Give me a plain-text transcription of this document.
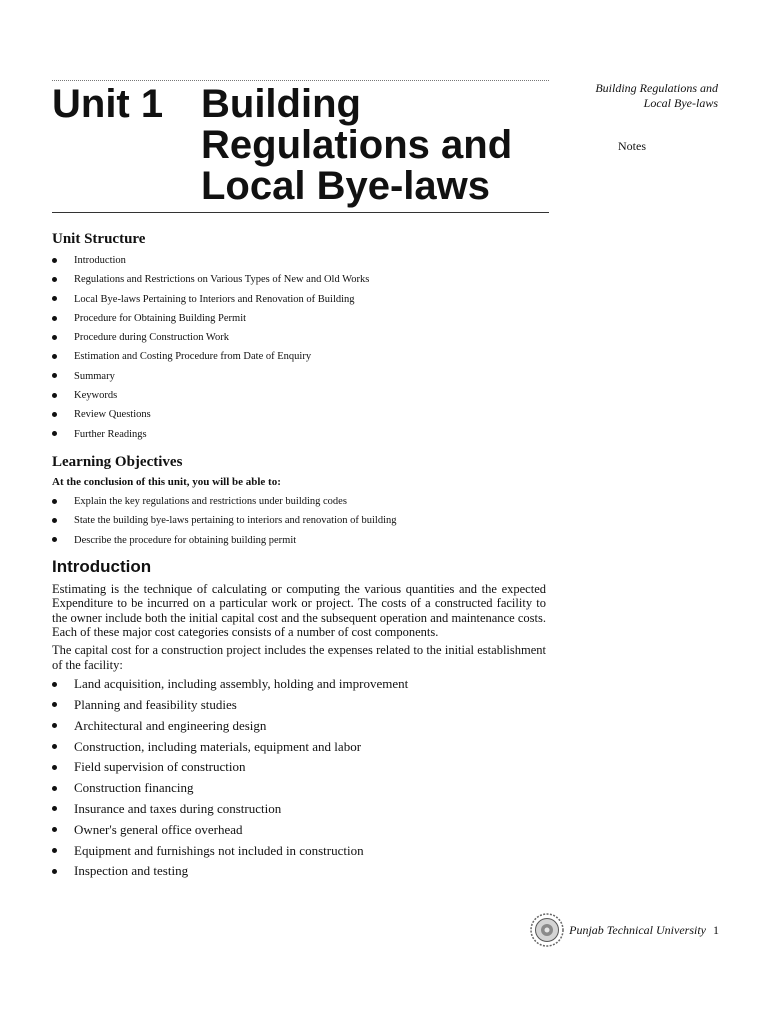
Unit 1 Building
Regulations and
Local Bye-laws
Building Regulations and
Local Bye-laws
Notes
Unit Structure
Introduction
Regulations and Restrictions on Various Types of New and Old Works
Local Bye-laws Pertaining to Interiors and Renovation of Building
Procedure for Obtaining Building Permit
Procedure during Construction Work
Estimation and Costing Procedure from Date of Enquiry
Summary
Keywords
Review Questions
Further Readings
Learning Objectives
At the conclusion of this unit, you will be able to:
Explain the key regulations and restrictions under building codes
State the building bye-laws pertaining to interiors and renovation of building
Describe the procedure for obtaining building permit
Introduction

Estimating is the technique of calculating or computing the various quantities and the expected Expenditure to be incurred on a particular work or project. The costs of a constructed facility to the owner include both the initial capital cost and the subsequent operation and maintenance costs. Each of these major cost categories consists of a number of cost components.

The capital cost for a construction project includes the expenses related to the initial establishment of the facility:

Land acquisition, including assembly, holding and improvement
Planning and feasibility studies
Architectural and engineering design
Construction, including materials, equipment and labor
Field supervision of construction
Construction financing
Insurance and taxes during construction
Owner's general office overhead
Equipment and furnishings not included in construction
Inspection and testing
Punjab Technical University 1
